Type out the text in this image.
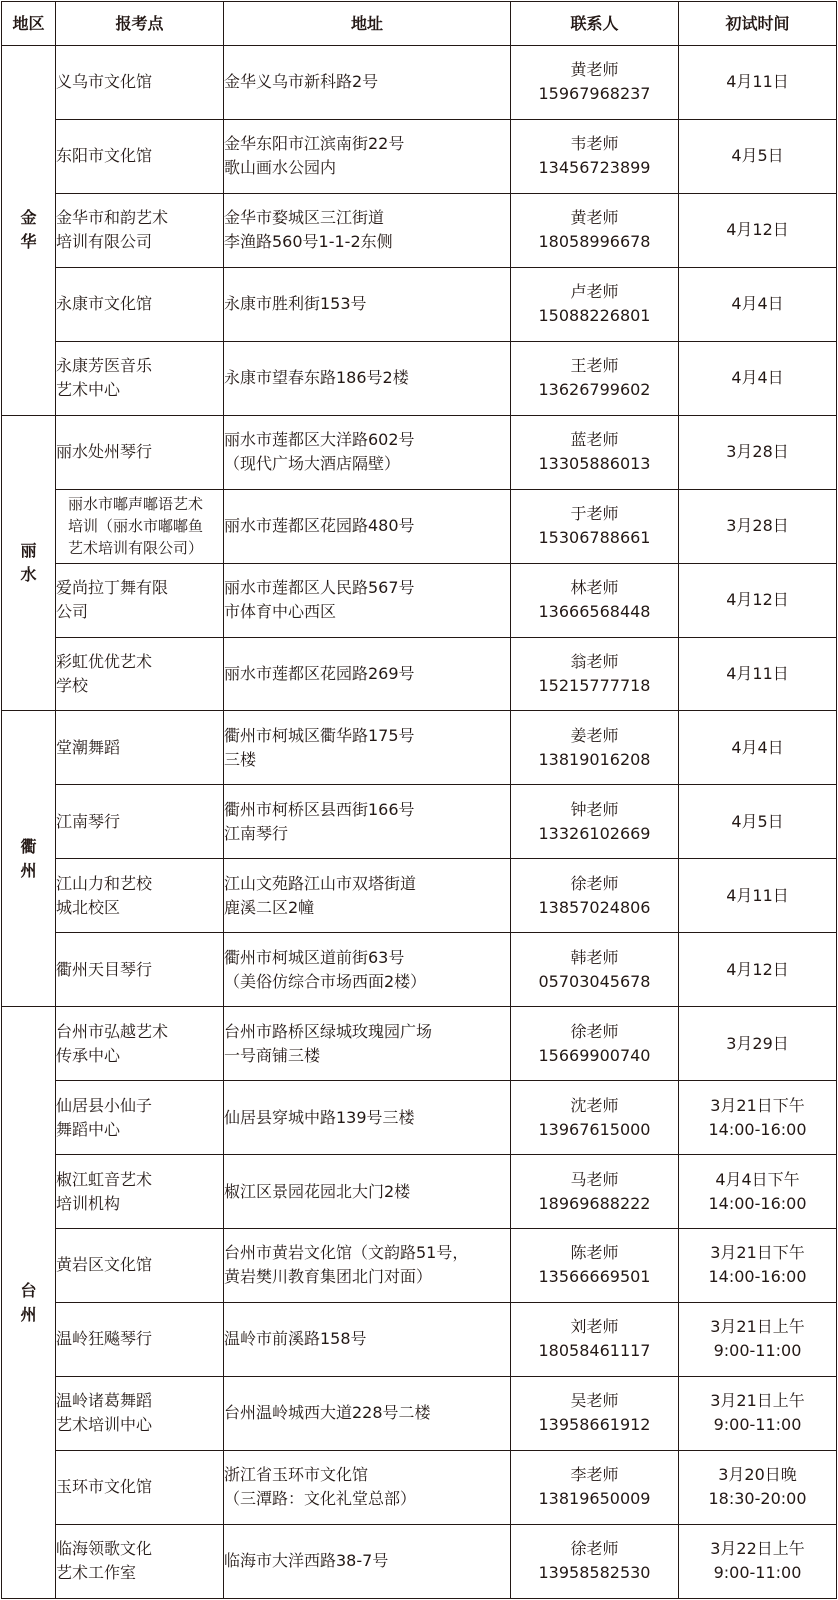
地区	报考点	地址	联系人	初试时间

金
华	义乌市文化馆	金华义乌市新科路2号	黄老师
15967968237	4月11日

	东阳市文化馆	金华东阳市江滨南街22号
歌山画水公园内	韦老师
13456723899	4月5日

	金华市和韵艺术
培训有限公司	金华市婺城区三江街道
李渔路560号1-1-2东侧	黄老师
18058996678	4月12日

	永康市文化馆	永康市胜利街153号	卢老师
15088226801	4月4日

	永康芳医音乐
艺术中心	永康市望春东路186号2楼	王老师
13626799602	4月4日

丽
水	丽水处州琴行	丽水市莲都区大洋路602号
（现代广场大酒店隔壁）	蓝老师
13305886013	3月28日

	丽水市嘟声嘟语艺术
培训（丽水市嘟嘟鱼
艺术培训有限公司）	丽水市莲都区花园路480号	于老师
15306788661	3月28日

	爱尚拉丁舞有限
公司	丽水市莲都区人民路567号
市体育中心西区	林老师
13666568448	4月12日

	彩虹优优艺术
学校	丽水市莲都区花园路269号	翁老师
15215777718	4月11日

衢
州	堂潮舞蹈	衢州市柯城区衢华路175号
三楼	姜老师
13819016208	4月4日

	江南琴行	衢州市柯桥区县西街166号
江南琴行	钟老师
13326102669	4月5日

	江山力和艺校
城北校区	江山文苑路江山市双塔街道
鹿溪二区2幢	徐老师
13857024806	4月11日

	衢州天目琴行	衢州市柯城区道前街63号
（美俗仿综合市场西面2楼）	韩老师
05703045678	4月12日

台
州	台州市弘越艺术
传承中心	台州市路桥区绿城玫瑰园广场
一号商铺三楼	徐老师
15669900740	3月29日

	仙居县小仙子
舞蹈中心	仙居县穿城中路139号三楼	沈老师
13967615000	3月21日下午
14:00-16:00

	椒江虹音艺术
培训机构	椒江区景园花园北大门2楼	马老师
18969688222	4月4日下午
14:00-16:00

	黄岩区文化馆	台州市黄岩文化馆（文韵路51号，
黄岩樊川教育集团北门对面）	陈老师
13566669501	3月21日下午
14:00-16:00

	温岭狂飚琴行	温岭市前溪路158号	刘老师
18058461117	3月21日上午
9:00-11:00

	温岭诸葛舞蹈
艺术培训中心	台州温岭城西大道228号二楼	吴老师
13958661912	3月21日上午
9:00-11:00

	玉环市文化馆	浙江省玉环市文化馆
（三潭路：文化礼堂总部）	李老师
13819650009	3月20日晚
18:30-20:00

	临海领歌文化
艺术工作室	临海市大洋西路38-7号	徐老师
13958582530	3月22日上午
9:00-11:00
